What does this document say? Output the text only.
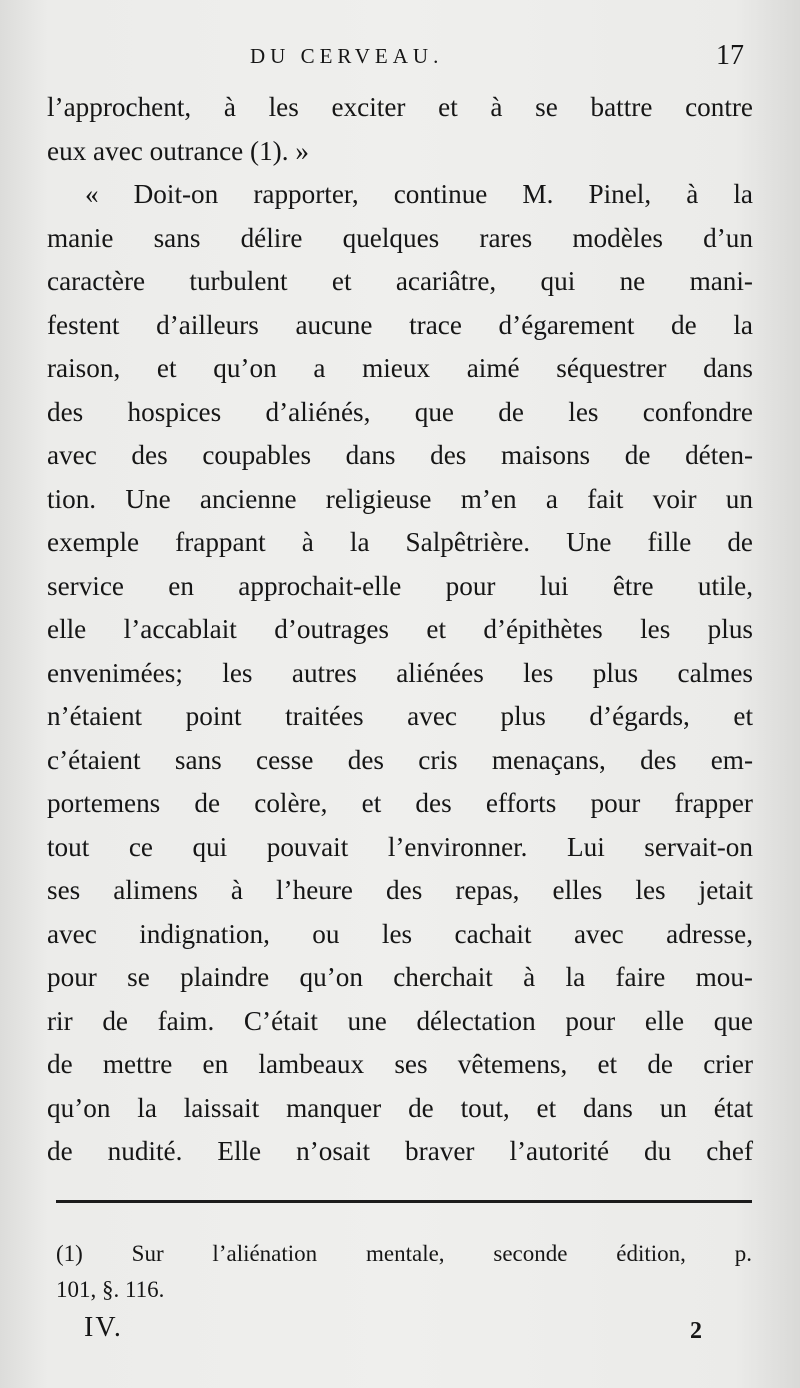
DU CERVEAU.	17
l’approchent, à les exciter et à se battre contre
eux avec outrance (1). »
« Doit-on rapporter, continue M. Pinel, à la
manie sans délire quelques rares modèles d’un
caractère turbulent et acariâtre, qui ne mani-
festent d’ailleurs aucune trace d’égarement de la
raison, et qu’on a mieux aimé séquestrer dans
des hospices d’aliénés, que de les confondre
avec des coupables dans des maisons de déten-
tion. Une ancienne religieuse m’en a fait voir un
exemple frappant à la Salpêtrière. Une fille de
service en approchait-elle pour lui être utile,
elle l’accablait d’outrages et d’épithètes les plus
envenimées; les autres aliénées les plus calmes
n’étaient point traitées avec plus d’égards, et
c’étaient sans cesse des cris menaçans, des em-
portemens de colère, et des efforts pour frapper
tout ce qui pouvait l’environner. Lui servait-on
ses alimens à l’heure des repas, elles les jetait
avec indignation, ou les cachait avec adresse,
pour se plaindre qu’on cherchait à la faire mou-
rir de faim. C’était une délectation pour elle que
de mettre en lambeaux ses vêtemens, et de crier
qu’on la laissait manquer de tout, et dans un état
de nudité. Elle n’osait braver l’autorité du chef
(1) Sur l’aliénation mentale, seconde édition, p.
101, §. 116.
IV.	2
